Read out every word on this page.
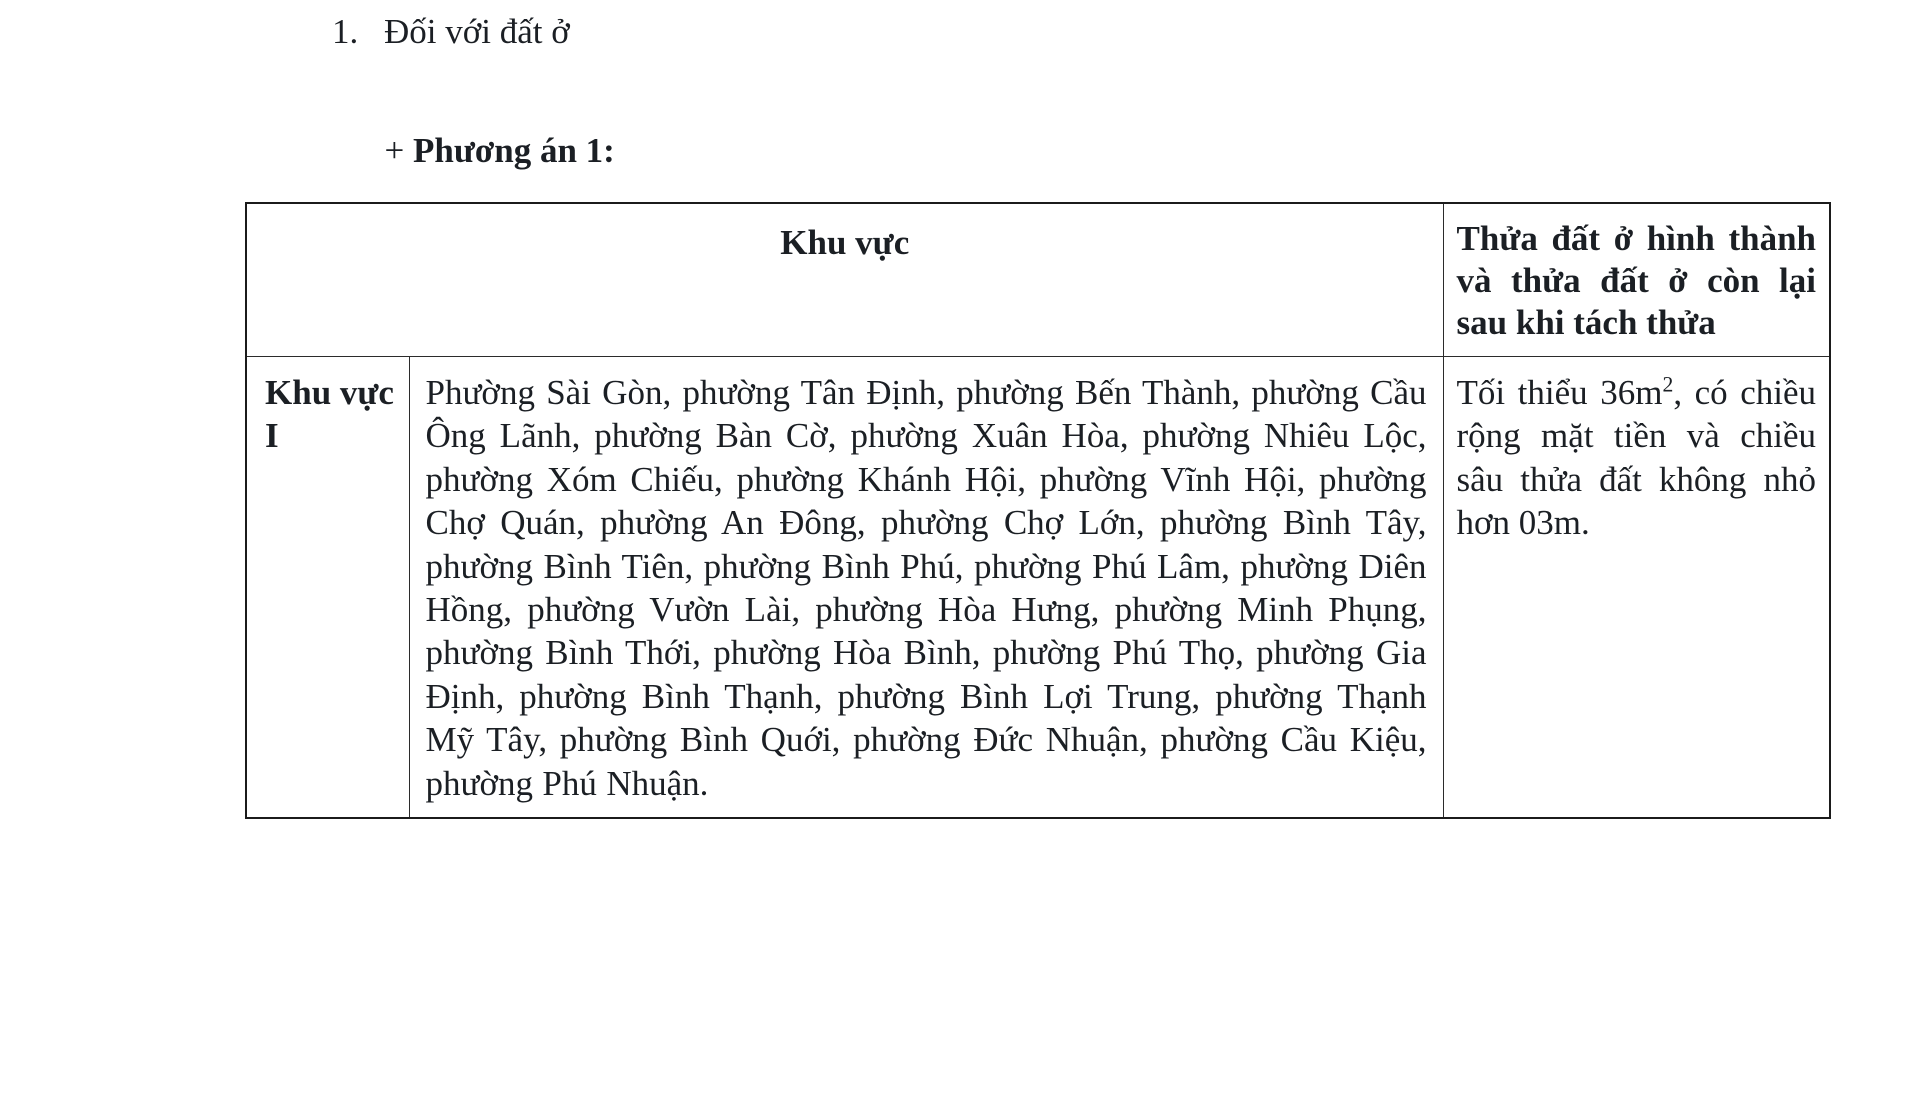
1. Đối với đất ở

+ Phương án 1:

Khu vực		Thửa đất ở hình thành và thửa đất ở còn lại sau khi tách thửa

Khu vực I	Phường Sài Gòn, phường Tân Định, phường Bến Thành, phường Cầu Ông Lãnh, phường Bàn Cờ, phường Xuân Hòa, phường Nhiêu Lộc, phường Xóm Chiếu, phường Khánh Hội, phường Vĩnh Hội, phường Chợ Quán, phường An Đông, phường Chợ Lớn, phường Bình Tây, phường Bình Tiên, phường Bình Phú, phường Phú Lâm, phường Diên Hồng, phường Vườn Lài, phường Hòa Hưng, phường Minh Phụng, phường Bình Thới, phường Hòa Bình, phường Phú Thọ, phường Gia Định, phường Bình Thạnh, phường Bình Lợi Trung, phường Thạnh Mỹ Tây, phường Bình Quới, phường Đức Nhuận, phường Cầu Kiệu, phường Phú Nhuận.	Tối thiểu $36m^2$, có chiều rộng mặt tiền và chiều sâu thửa đất không nhỏ hơn 03m.
